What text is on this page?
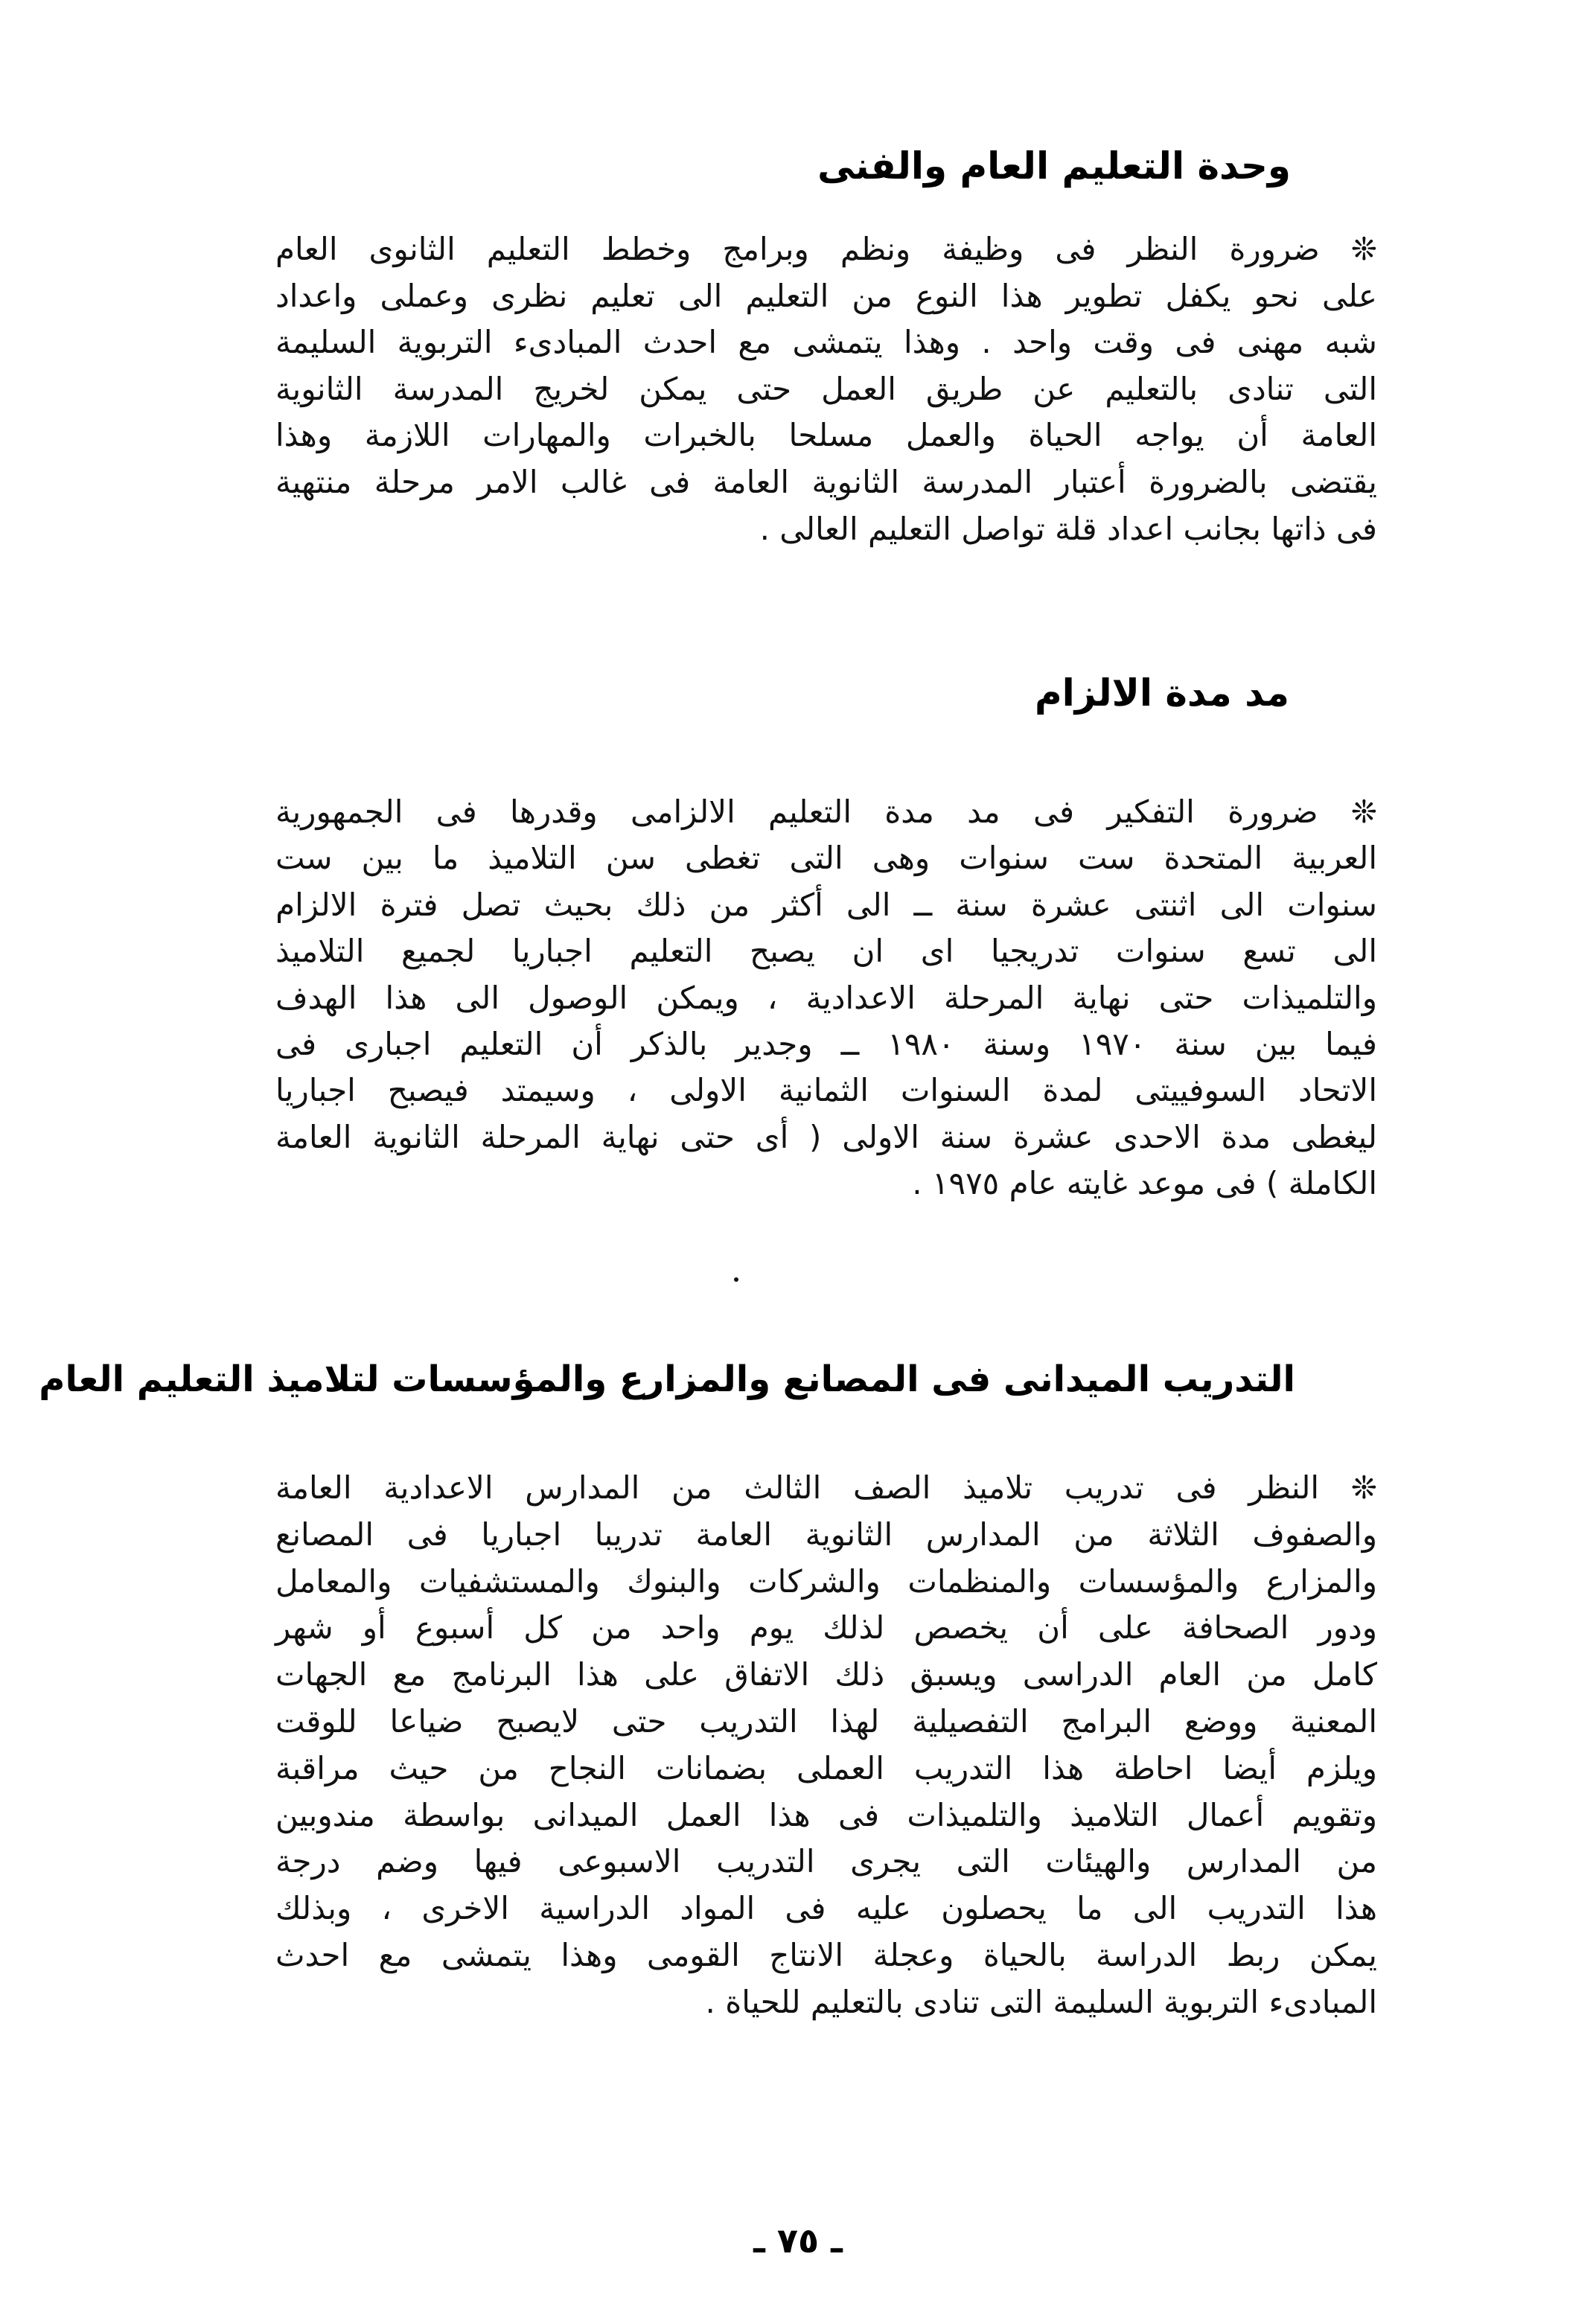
وحدة التعليم العام والفنى
❊ ضرورة النظر فى وظيفة ونظم وبرامج وخطط التعليم الثانوى العام
على نحو يكفل تطوير هذا النوع من التعليم الى تعليم نظرى وعملى واعداد
شبه مهنى فى وقت واحد . وهذا يتمشى مع احدث المبادىء التربوية السليمة
التى تنادى بالتعليم عن طريق العمل حتى يمكن لخريج المدرسة الثانوية
العامة أن يواجه الحياة والعمل مسلحا بالخبرات والمهارات اللازمة وهذا
يقتضى بالضرورة أعتبار المدرسة الثانوية العامة فى غالب الامر مرحلة منتهية
فى ذاتها بجانب اعداد قلة تواصل التعليم العالى .
مد مدة الالزام
❊ ضرورة التفكير فى مد مدة التعليم الالزامى وقدرها فى الجمهورية
العربية المتحدة ست سنوات وهى التى تغطى سن التلاميذ ما بين ست
سنوات الى اثنتى عشرة سنة ــ الى أكثر من ذلك بحيث تصل فترة الالزام
الى تسع سنوات تدريجيا اى ان يصبح التعليم اجباريا لجميع التلاميذ
والتلميذات حتى نهاية المرحلة الاعدادية ، ويمكن الوصول الى هذا الهدف
فيما بين سنة ١٩٧٠ وسنة ١٩٨٠ ــ وجدير بالذكر أن التعليم اجبارى فى
الاتحاد السوفييتى لمدة السنوات الثمانية الاولى ، وسيمتد فيصبح اجباريا
ليغطى مدة الاحدى عشرة سنة الاولى ( أى حتى نهاية المرحلة الثانوية العامة
الكاملة ) فى موعد غايته عام ١٩٧٥ .
التدريب الميدانى فى المصانع والمزارع والمؤسسات لتلاميذ التعليم العام
❊ النظر فى تدريب تلاميذ الصف الثالث من المدارس الاعدادية العامة
والصفوف الثلاثة من المدارس الثانوية العامة تدريبا اجباريا فى المصانع
والمزارع والمؤسسات والمنظمات والشركات والبنوك والمستشفيات والمعامل
ودور الصحافة على أن يخصص لذلك يوم واحد من كل أسبوع أو شهر
كامل من العام الدراسى ويسبق ذلك الاتفاق على هذا البرنامج مع الجهات
المعنية ووضع البرامج التفصيلية لهذا التدريب حتى لايصبح ضياعا للوقت
ويلزم أيضا احاطة هذا التدريب العملى بضمانات النجاح من حيث مراقبة
وتقويم أعمال التلاميذ والتلميذات فى هذا العمل الميدانى بواسطة مندوبين
من المدارس والهيئات التى يجرى التدريب الاسبوعى فيها وضم درجة
هذا التدريب الى ما يحصلون عليه فى المواد الدراسية الاخرى ، وبذلك
يمكن ربط الدراسة بالحياة وعجلة الانتاج القومى وهذا يتمشى مع احدث
المبادىء التربوية السليمة التى تنادى بالتعليم للحياة .
ـ ٧٥ ـ
